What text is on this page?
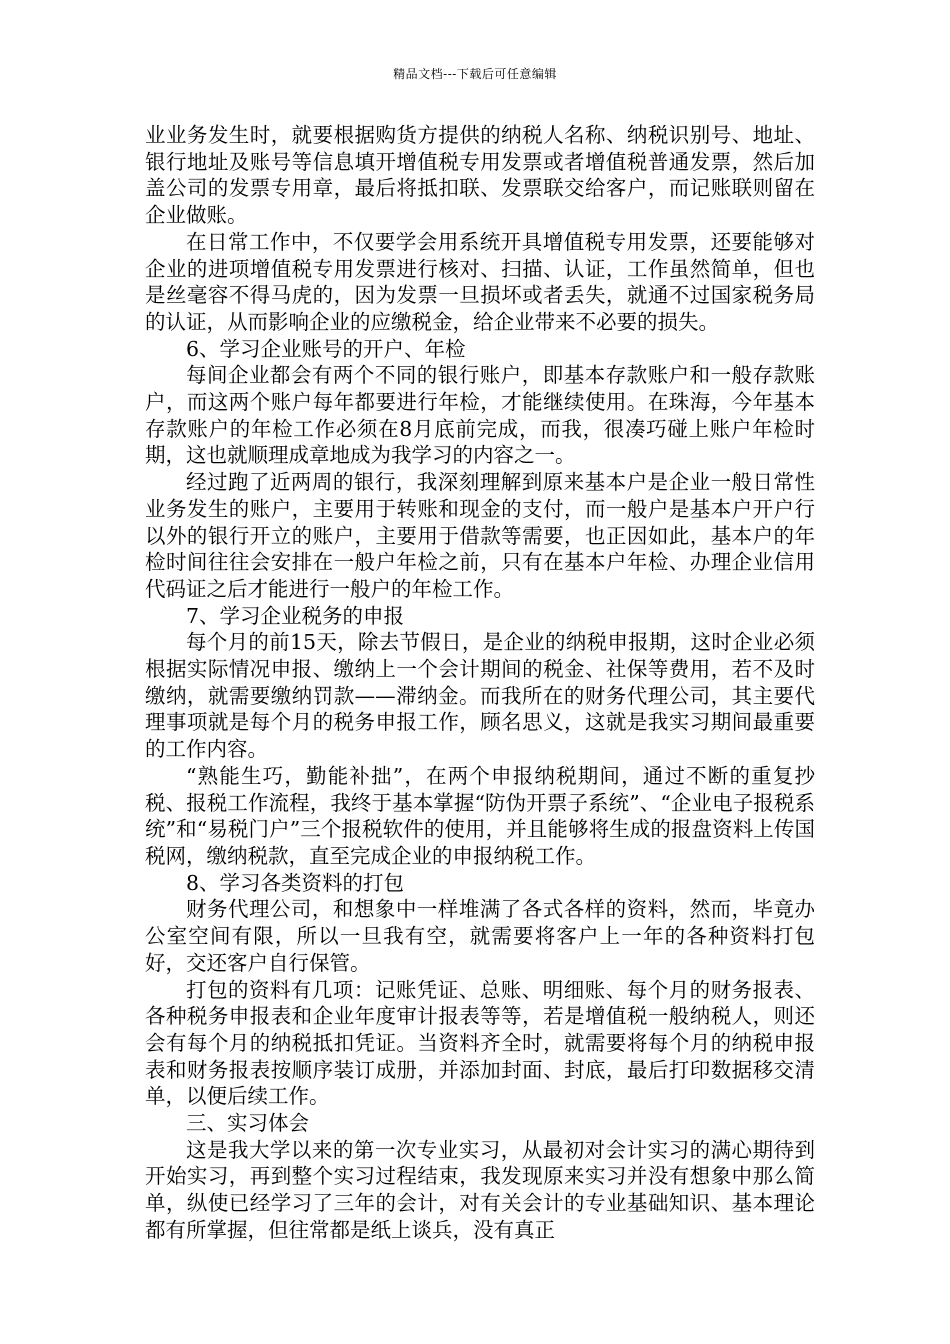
精品文档---下载后可任意编辑

业业务发生时，就要根据购货方提供的纳税人名称、纳税识别号、地址、银行地址及账号等信息填开增值税专用发票或者增值税普通发票，然后加盖公司的发票专用章，最后将抵扣联、发票联交给客户，而记账联则留在企业做账。

在日常工作中，不仅要学会用系统开具增值税专用发票，还要能够对企业的进项增值税专用发票进行核对、扫描、认证，工作虽然简单，但也是丝毫容不得马虎的，因为发票一旦损坏或者丢失，就通不过国家税务局的认证，从而影响企业的应缴税金，给企业带来不必要的损失。

6、学习企业账号的开户、年检

每间企业都会有两个不同的银行账户，即基本存款账户和一般存款账户，而这两个账户每年都要进行年检，才能继续使用。在珠海，今年基本存款账户的年检工作必须在8月底前完成，而我，很凑巧碰上账户年检时期，这也就顺理成章地成为我学习的内容之一。

经过跑了近两周的银行，我深刻理解到原来基本户是企业一般日常性业务发生的账户，主要用于转账和现金的支付，而一般户是基本户开户行以外的银行开立的账户，主要用于借款等需要，也正因如此，基本户的年检时间往往会安排在一般户年检之前，只有在基本户年检、办理企业信用代码证之后才能进行一般户的年检工作。

7、学习企业税务的申报

每个月的前15天，除去节假日，是企业的纳税申报期，这时企业必须根据实际情况申报、缴纳上一个会计期间的税金、社保等费用，若不及时缴纳，就需要缴纳罚款——滞纳金。而我所在的财务代理公司，其主要代理事项就是每个月的税务申报工作，顾名思义，这就是我实习期间最重要的工作内容。

“熟能生巧，勤能补拙”，在两个申报纳税期间，通过不断的重复抄税、报税工作流程，我终于基本掌握“防伪开票子系统”、“企业电子报税系统”和“易税门户”三个报税软件的使用，并且能够将生成的报盘资料上传国税网，缴纳税款，直至完成企业的申报纳税工作。

8、学习各类资料的打包

财务代理公司，和想象中一样堆满了各式各样的资料，然而，毕竟办公室空间有限，所以一旦我有空，就需要将客户上一年的各种资料打包好，交还客户自行保管。

打包的资料有几项：记账凭证、总账、明细账、每个月的财务报表、各种税务申报表和企业年度审计报表等等，若是增值税一般纳税人，则还会有每个月的纳税抵扣凭证。当资料齐全时，就需要将每个月的纳税申报表和财务报表按顺序装订成册，并添加封面、封底，最后打印数据移交清单，以便后续工作。

三、实习体会

这是我大学以来的第一次专业实习，从最初对会计实习的满心期待到开始实习，再到整个实习过程结束，我发现原来实习并没有想象中那么简单，纵使已经学习了三年的会计，对有关会计的专业基础知识、基本理论都有所掌握，但往常都是纸上谈兵，没有真正
